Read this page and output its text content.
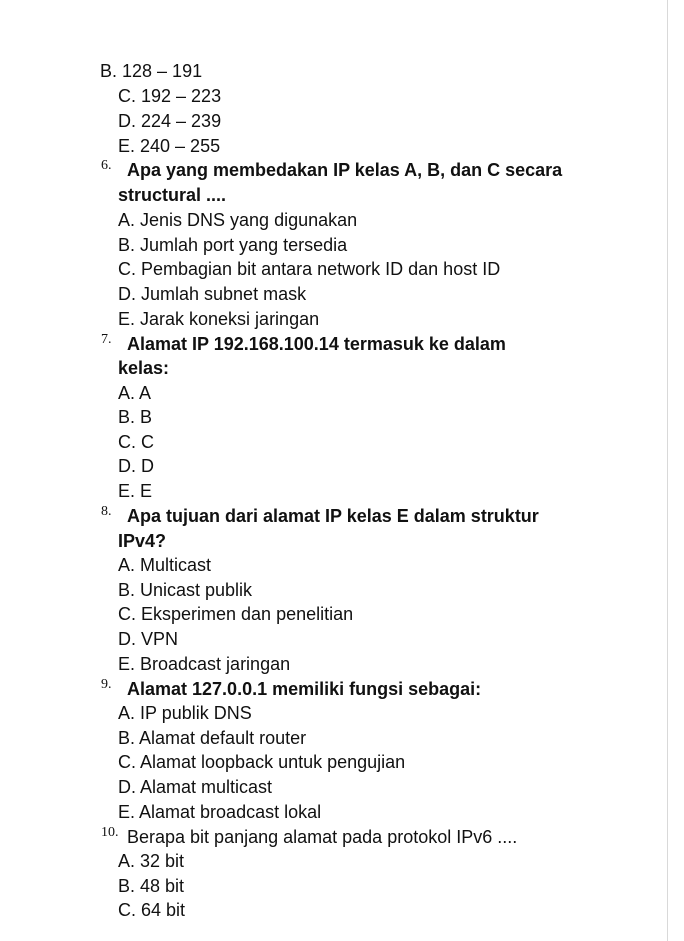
B. 128 – 191
C. 192 – 223
D. 224 – 239
E. 240 – 255
6. Apa yang membedakan IP kelas A, B, dan C secara
structural ....
A. Jenis DNS yang digunakan
B. Jumlah port yang tersedia
C. Pembagian bit antara network ID dan host ID
D. Jumlah subnet mask
E. Jarak koneksi jaringan
7. Alamat IP 192.168.100.14 termasuk ke dalam
kelas:
A. A
B. B
C. C
D. D
E. E
8. Apa tujuan dari alamat IP kelas E dalam struktur
IPv4?
A. Multicast
B. Unicast publik
C. Eksperimen dan penelitian
D. VPN
E. Broadcast jaringan
9. Alamat 127.0.0.1 memiliki fungsi sebagai:
A. IP publik DNS
B. Alamat default router
C. Alamat loopback untuk pengujian
D. Alamat multicast
E. Alamat broadcast lokal
10. Berapa bit panjang alamat pada protokol IPv6 ....
A. 32 bit
B. 48 bit
C. 64 bit
